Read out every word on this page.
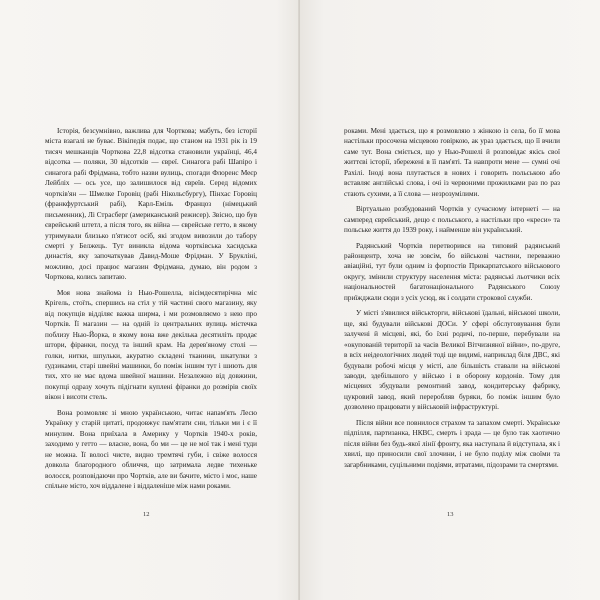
Історія, безсумнівно, важлива для Чорткова; мабуть, без історії міста взагалі не буває. Вікіпедія подає, що станом на 1931 рік із 19 тисяч мешканців Чорткова 22,8 відсотка становили українці, 46,4 відсотка — поляки, 30 відсотків — євреї. Синагога рабі Шапіро і синагога рабі Фрідмана, тобто назви вулиць, спогади Флоренс Меєр Лейбліх — ось усе, що залишилося від євреїв. Серед відомих чортків'ян — Шмелке Горовіц (рабі Нікольсбургу), Пінхас Горовіц (франкфуртський рабі), Карл-Еміль Францоз (німецький письменник), Лі Страсберг (американський режисер). Звісно, що був єврейський штетл, а після того, як війна — єврейське гетто, в якому утримували близько п'ятисот осіб, які згодом вивозили до табору смерті у Белжець. Тут виникла відома чортківська хасидська династія, яку започаткував Давид-Моше Фрідман. У Брукліні, можливо, досі працює магазин Фрідмана, думаю, він родом з Чорткова, колись запитаю.

Моя нова знайома із Нью-Рошелла, вісімдесятирічна міс Крігель, стоїть, спершись на стіл у тій частині свого магазину, яку від покупців відділяє важка ширма, і ми розмовляємо з нею про Чортків. Її магазин — на одній із центральних вулиць містечка поблизу Нью-Йорка, в якому вона вже декілька десятиліть продає штори, фіранки, посуд та інший крам. На дерев'яному столі — голки, нитки, шпульки, акуратно складені тканини, шкатулки з ґудзиками, старі швейні машинки, бо поміж іншим тут і шиють для тих, хто не має вдома швейної машини. Незалежно від довжини, покупці одразу хочуть підігнати куплені фіранки до розмірів своїх вікон і висоти стель.

Вона розмовляє зі мною українською, читає напам'ять Лесю Українку у старій цитаті, продовжує пам'ятати сни, тільки ми і є її минулим. Вона приїхала в Америку у Чортків 1940-х років, заходимо у гетто — власне, вона, бо ми — це не мої так і мені туди не можна. Її волосі чисте, видно тремтячі губи, і свіже волосся довкола благородного обличчя, що затримала ледве тихеньке волосся, розповідаючи про Чортків, але ви бачите, місто і моє, наше спільне місто, хоч віддалене і віддаленіше між нами роками.

12

роками. Мені здається, що я розмовляю з жінкою із села, бо її мова настільки просочена місцевою говіркою, ак ураз здається, що її вчили саме тут. Вона сміється, що у Нью-Рошелі й розповідає якісь свої життєві історії, збережені в її пам'яті. Та навпроти мене — сумні очі Рахілі. Іноді вона плутається в нових і говорить польською або вставляє англійські слова, і очі із червоними прожилками раз по раз стають сухими, а її слова — незрозумілими.

Віртуально розбудований Чортків у сучасному інтернеті — на самперед єврейський, дещо є польського, а настільки про «креси» та польське життя до 1939 року, і найменше він український.

Радянський Чортків перетворився на типовий радянський районцентр, хоча не зовсім, бо військові частини, переважно авіаційні, тут були одним із форпостів Прикарпатського військового округу, змінили структуру населення міста: радянські льотчики всіх національностей багатонаціонального Радянського Союзу приїжджали сюди з усіх усюд, як і солдати строкової служби.

У місті з'явилися військторги, військові їдальні, військові школи, ще, які будували військові ДОСи. У сфері обслуговування були залучені й місцеві, які, бо їхні родичі, по-перше, перебували на «окупованій території за часів Великої Вітчизняної війни», по-друге, в всіх неідеологічних людей тоді ще видимі, наприклад біля ДВС, які будували робочі місця у місті, але більшість ставали на військові заводи, здебільшого у військо і в оборону кордонів. Тому для місцевих збудували ремонтний завод, кондитерську фабрику, цукровий завод, який переробляв буряки, бо поміж іншим було дозволено працювати у військовій інфраструктурі.

Після війни все повнилося страхом та запахом смерті. Українське підпілля, партизанка, НКВС, смерть і зрада — це було так хаотично після війни без будь-якої лінії фронту, яка наступала й відступала, як і хвилі, що приносили свої злочини, і не було поділу між своїми та загарбниками, суцільними подіями, втратами, підозрами та смертями.

13
